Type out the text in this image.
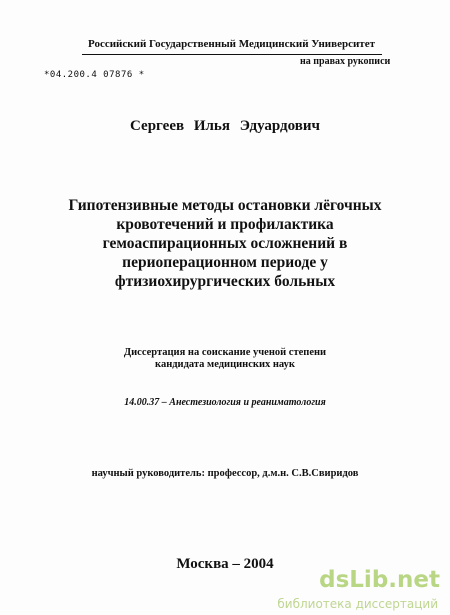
Российский Государственный Медицинский Университет
на правах рукописи
*04.200.4 07876 *
Сергеев Илья Эдуардович
Гипотензивные методы остановки лёгочных
кровотечений и профилактика
гемоаспирационных осложнений в
периоперационном периоде у
фтизиохирургических больных
Диссертация на соискание ученой степени
кандидата медицинских наук
14.00.37 – Анестезиология и реаниматология
научный руководитель: профессор, д.м.н. С.В.Свиридов
Москва – 2004
dsLib.net
библиотека диссертаций
